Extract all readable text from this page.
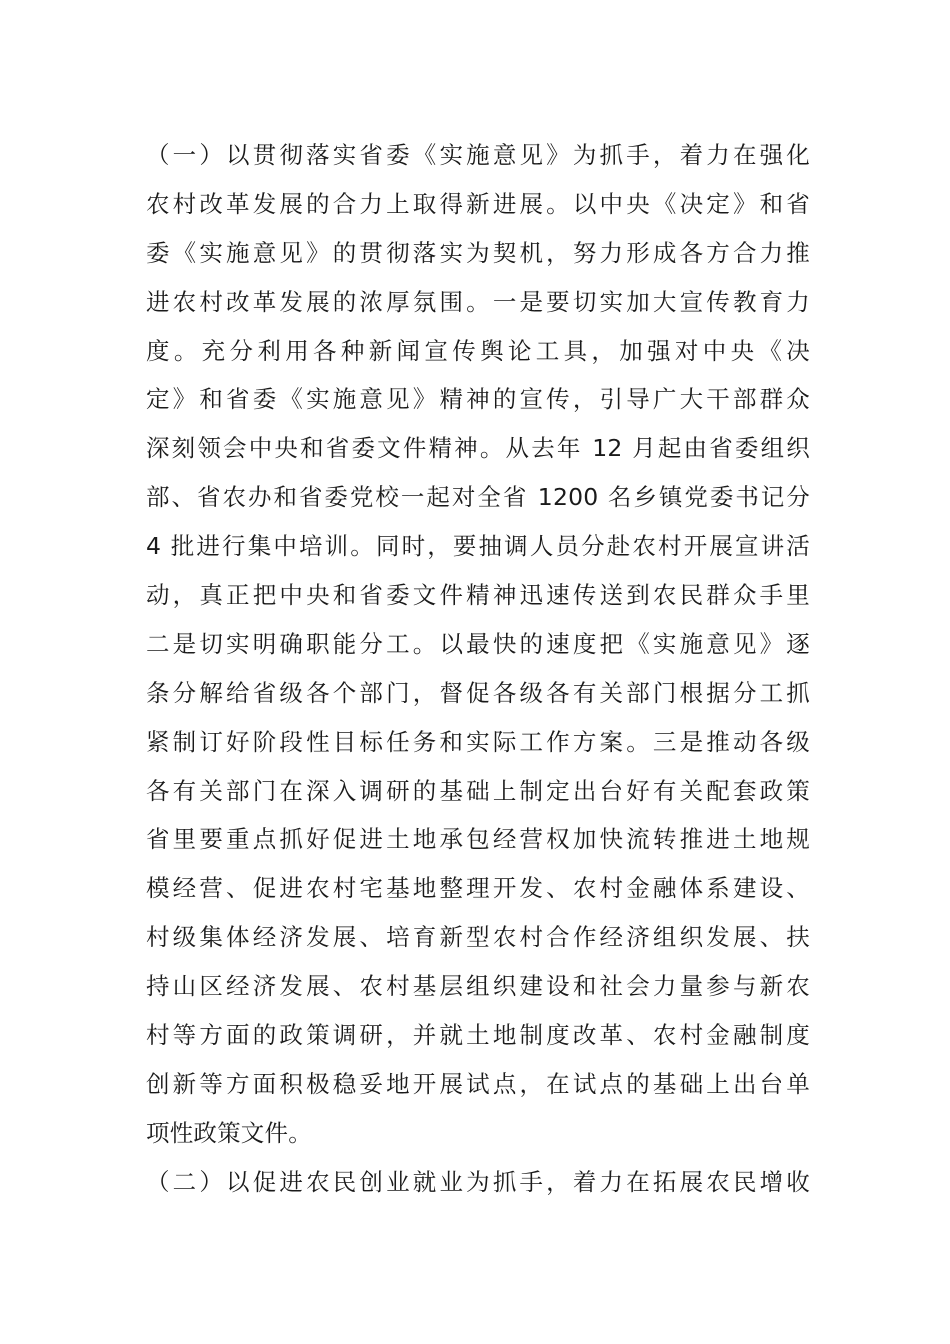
（一）以贯彻落实省委《实施意见》为抓手，着力在强化
农村改革发展的合力上取得新进展。以中央《决定》和省
委《实施意见》的贯彻落实为契机，努力形成各方合力推
进农村改革发展的浓厚氛围。一是要切实加大宣传教育力
度。充分利用各种新闻宣传舆论工具，加强对中央《决
定》和省委《实施意见》精神的宣传，引导广大干部群众
深刻领会中央和省委文件精神。从去年 12 月起由省委组织
部、省农办和省委党校一起对全省 1200 名乡镇党委书记分
4 批进行集中培训。同时，要抽调人员分赴农村开展宣讲活
动，真正把中央和省委文件精神迅速传送到农民群众手里
二是切实明确职能分工。以最快的速度把《实施意见》逐
条分解给省级各个部门，督促各级各有关部门根据分工抓
紧制订好阶段性目标任务和实际工作方案。三是推动各级
各有关部门在深入调研的基础上制定出台好有关配套政策
省里要重点抓好促进土地承包经营权加快流转推进土地规
模经营、促进农村宅基地整理开发、农村金融体系建设、
村级集体经济发展、培育新型农村合作经济组织发展、扶
持山区经济发展、农村基层组织建设和社会力量参与新农
村等方面的政策调研，并就土地制度改革、农村金融制度
创新等方面积极稳妥地开展试点，在试点的基础上出台单
项性政策文件。
（二）以促进农民创业就业为抓手，着力在拓展农民增收
